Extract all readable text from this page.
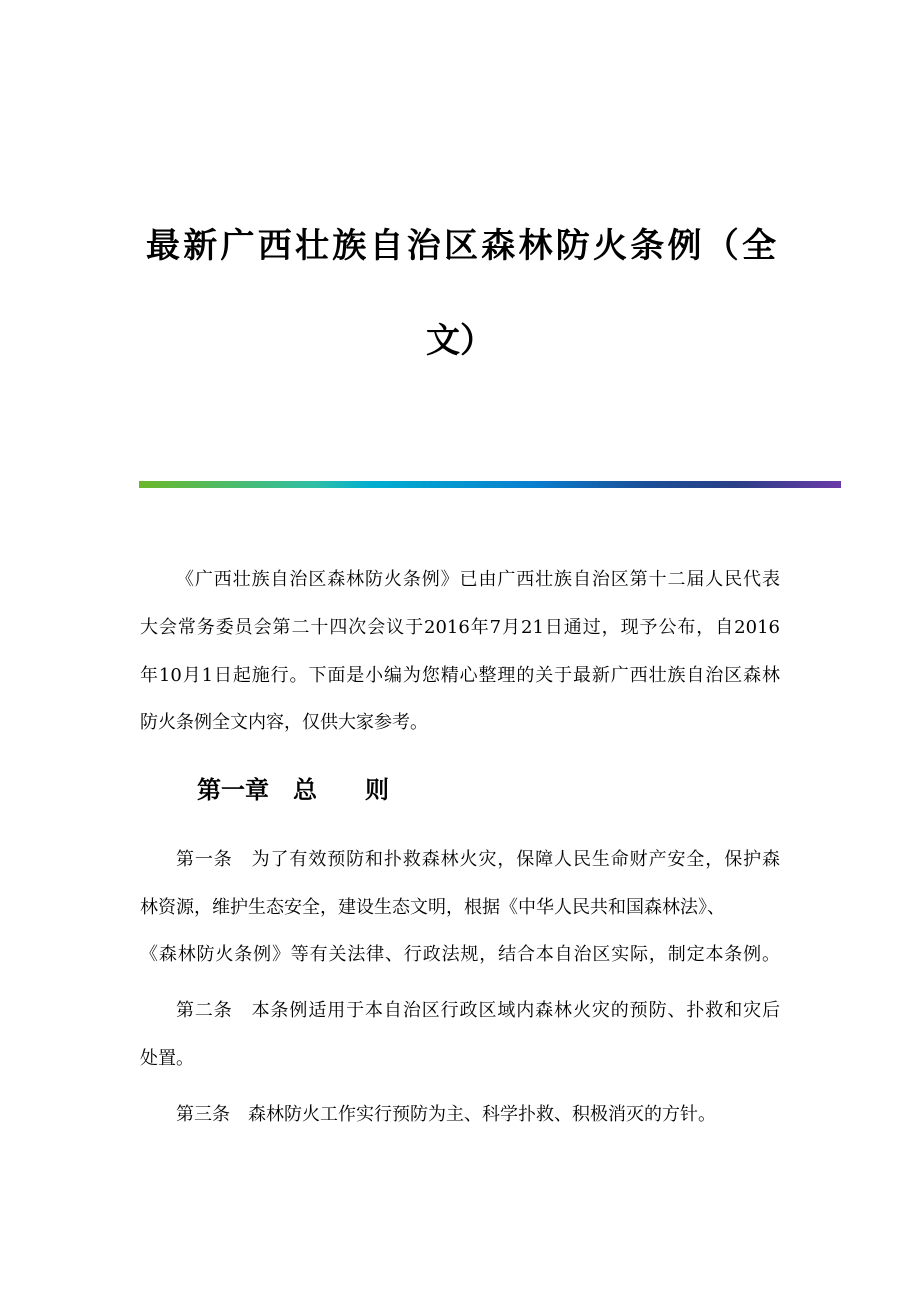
最新广西壮族自治区森林防火条例（全
文）
《广西壮族自治区森林防火条例》已由广西壮族自治区第十二届人民代表
大会常务委员会第二十四次会议于2016年7月21日通过，现予公布，自2016
年10月1日起施行。下面是小编为您精心整理的关于最新广西壮族自治区森林
防火条例全文内容，仅供大家参考。
第一章　总　　则
第一条　为了有效预防和扑救森林火灾，保障人民生命财产安全，保护森
林资源，维护生态安全，建设生态文明，根据《中华人民共和国森林法》、
《森林防火条例》等有关法律、行政法规，结合本自治区实际，制定本条例。
第二条　本条例适用于本自治区行政区域内森林火灾的预防、扑救和灾后
处置。
第三条　森林防火工作实行预防为主、科学扑救、积极消灭的方针。
